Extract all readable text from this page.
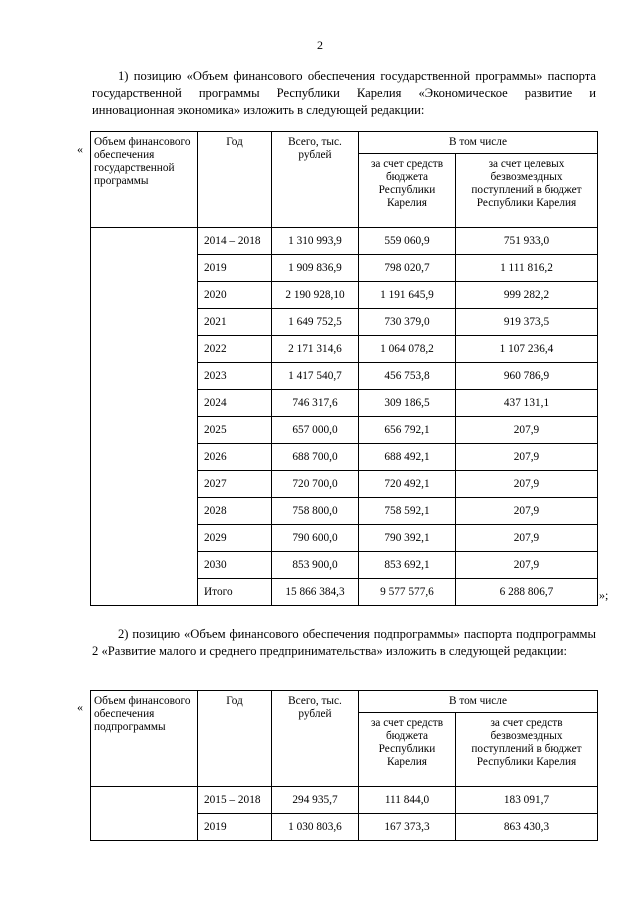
2

1) позицию «Объем финансового обеспечения государственной программы» паспорта государственной программы Республики Карелия «Экономическое развитие и инновационная экономика» изложить в следующей редакции:

« Объем финансового обеспечения государственной программы	Год	Всего, тыс. рублей	В том числе	
			за счет средств бюджета Республики Карелия	за счет целевых безвозмездных поступлений в бюджет Республики Карелия
	2014 – 2018	1 310 993,9	559 060,9	751 933,0
	2019	1 909 836,9	798 020,7	1 111 816,2
	2020	2 190 928,10	1 191 645,9	999 282,2
	2021	1 649 752,5	730 379,0	919 373,5
	2022	2 171 314,6	1 064 078,2	1 107 236,4
	2023	1 417 540,7	456 753,8	960 786,9
	2024	746 317,6	309 186,5	437 131,1
	2025	657 000,0	656 792,1	207,9
	2026	688 700,0	688 492,1	207,9
	2027	720 700,0	720 492,1	207,9
	2028	758 800,0	758 592,1	207,9
	2029	790 600,0	790 392,1	207,9
	2030	853 900,0	853 692,1	207,9
	Итого	15 866 384,3	9 577 577,6	6 288 806,7	»;

2) позицию «Объем финансового обеспечения подпрограммы» паспорта подпрограммы 2 «Развитие малого и среднего предпринимательства» изложить в следующей редакции:

« Объем финансового обеспечения подпрограммы	Год	Всего, тыс. рублей	В том числе	
			за счет средств бюджета Республики Карелия	за счет средств безвозмездных поступлений в бюджет Республики Карелия
	2015 – 2018	294 935,7	111 844,0	183 091,7
	2019	1 030 803,6	167 373,3	863 430,3
